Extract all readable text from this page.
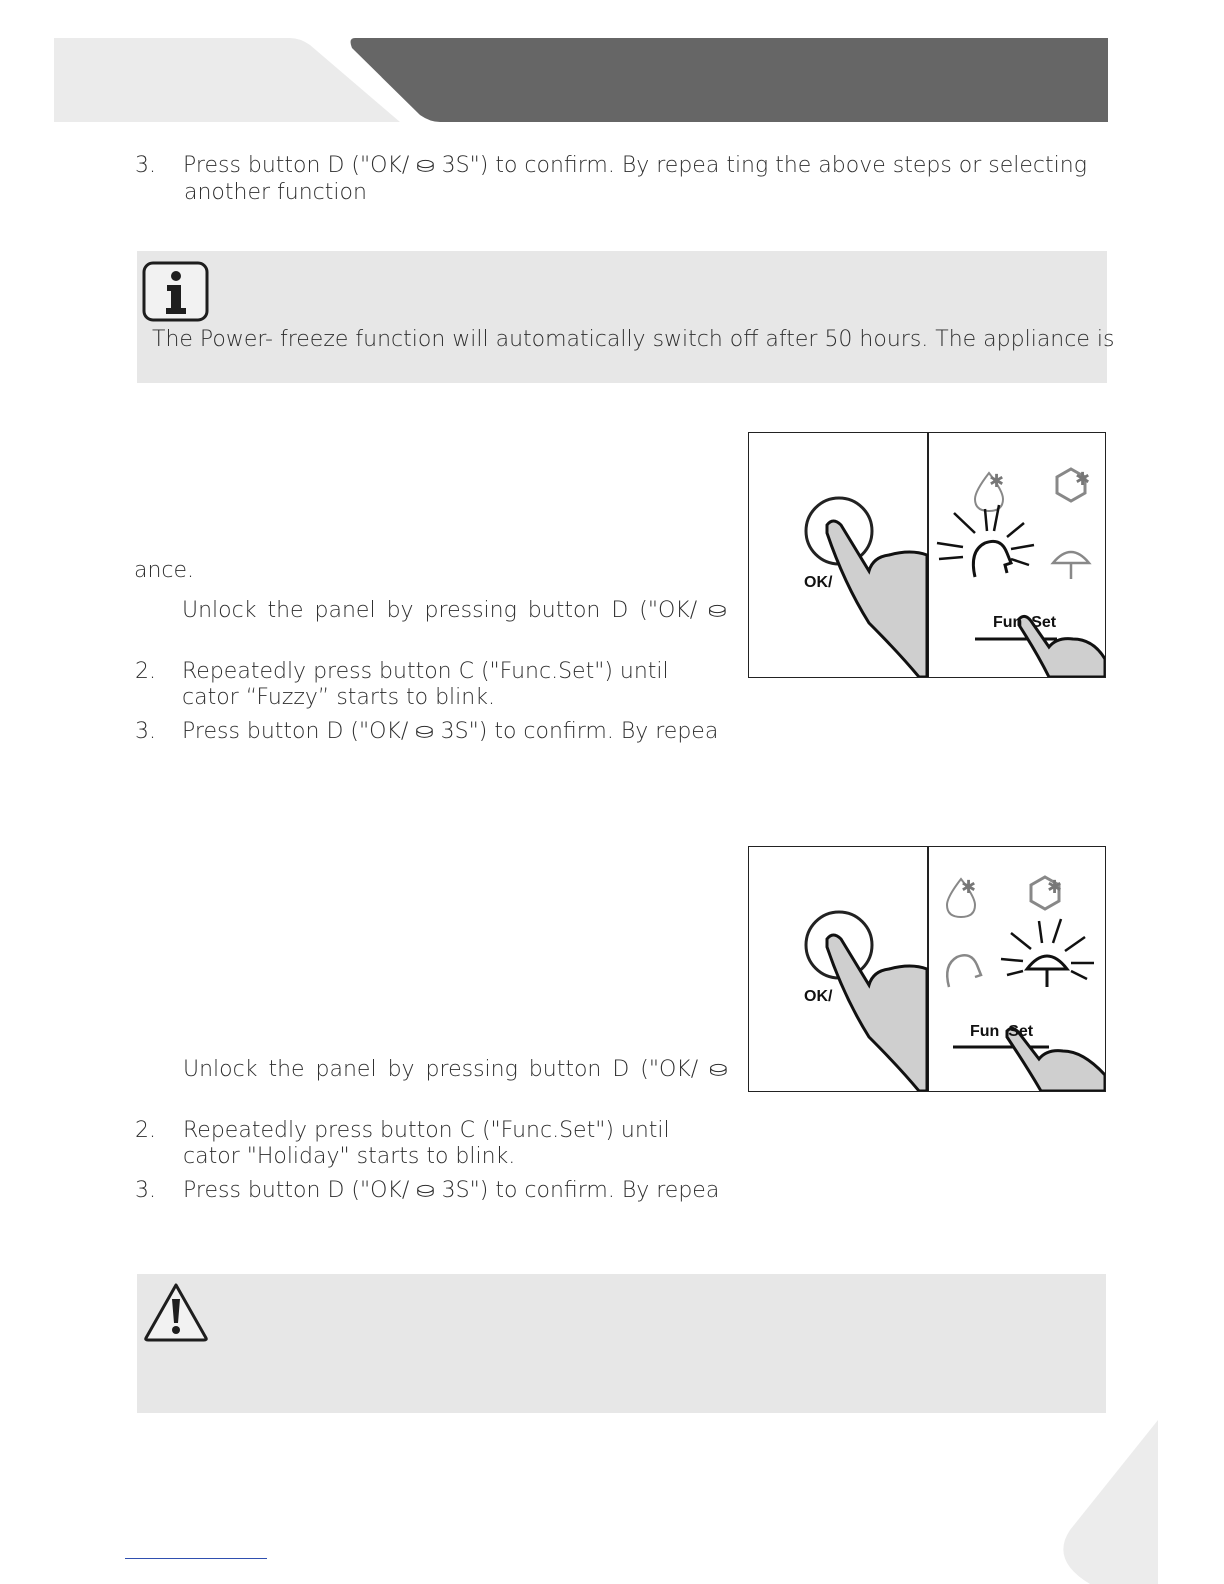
3. Press button D ("OK/ ⛀ 3S") to confirm. By repea ting the above steps or selecting
another function
The Power- freeze function will automatically switch off after 50 hours. The appliance is
ance.
Unlock the panel by pressing button D ("OK/ ⛀
2. Repeatedly press button C ("Func.Set") until
cator “Fuzzy” starts to blink.
3. Press button D ("OK/ ⛀ 3S") to confirm. By repea
✱	✱
OK/
Fun  Set
Unlock the panel by pressing button D ("OK/ ⛀
2. Repeatedly press button C ("Func.Set") until
cator "Holiday" starts to blink.
3. Press button D ("OK/ ⛀ 3S") to confirm. By repea
✱	✱
OK/
Fun  Set
